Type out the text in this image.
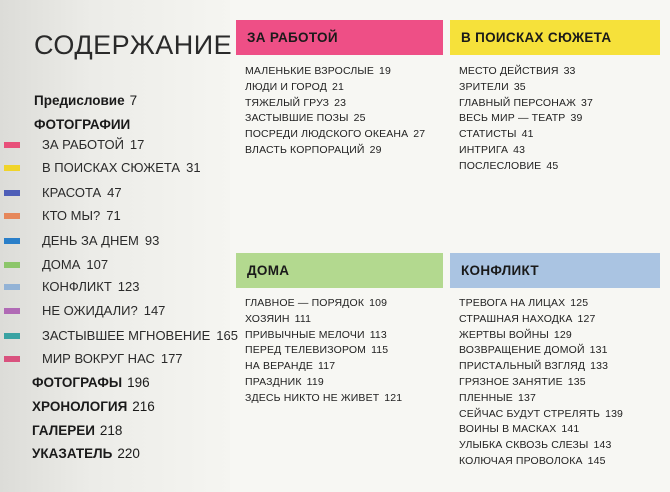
СОДЕРЖАНИЕ
Предисловие 7
ФОТОГРАФИИ
ЗА РАБОТОЙ 17
В ПОИСКАХ СЮЖЕТА 31
КРАСОТА 47
КТО МЫ? 71
ДЕНЬ ЗА ДНЕМ 93
ДОМА 107
КОНФЛИКТ 123
НЕ ОЖИДАЛИ? 147
ЗАСТЫВШЕЕ МГНОВЕНИЕ 165
МИР ВОКРУГ НАС 177
ФОТОГРАФЫ 196
ХРОНОЛОГИЯ 216
ГАЛЕРЕИ 218
УКАЗАТЕЛЬ 220
ЗА РАБОТОЙ
МАЛЕНЬКИЕ ВЗРОСЛЫЕ 19
ЛЮДИ И ГОРОД 21
ТЯЖЕЛЫЙ ГРУЗ 23
ЗАСТЫВШИЕ ПОЗЫ 25
ПОСРЕДИ ЛЮДСКОГО ОКЕАНА 27
ВЛАСТЬ КОРПОРАЦИЙ 29
В ПОИСКАХ СЮЖЕТА
МЕСТО ДЕЙСТВИЯ 33
ЗРИТЕЛИ 35
ГЛАВНЫЙ ПЕРСОНАЖ 37
ВЕСЬ МИР — ТЕАТР 39
СТАТИСТЫ 41
ИНТРИГА 43
ПОСЛЕСЛОВИЕ 45
ДОМА
ГЛАВНОЕ — ПОРЯДОК 109
ХОЗЯИН 111
ПРИВЫЧНЫЕ МЕЛОЧИ 113
ПЕРЕД ТЕЛЕВИЗОРОМ 115
НА ВЕРАНДЕ 117
ПРАЗДНИК 119
ЗДЕСЬ НИКТО НЕ ЖИВЕТ 121
КОНФЛИКТ
ТРЕВОГА НА ЛИЦАХ 125
СТРАШНАЯ НАХОДКА 127
ЖЕРТВЫ ВОЙНЫ 129
ВОЗВРАЩЕНИЕ ДОМОЙ 131
ПРИСТАЛЬНЫЙ ВЗГЛЯД 133
ГРЯЗНОЕ ЗАНЯТИЕ 135
ПЛЕННЫЕ 137
СЕЙЧАС БУДУТ СТРЕЛЯТЬ 139
ВОИНЫ В МАСКАХ 141
УЛЫБКА СКВОЗЬ СЛЕЗЫ 143
КОЛЮЧАЯ ПРОВОЛОКА 145
